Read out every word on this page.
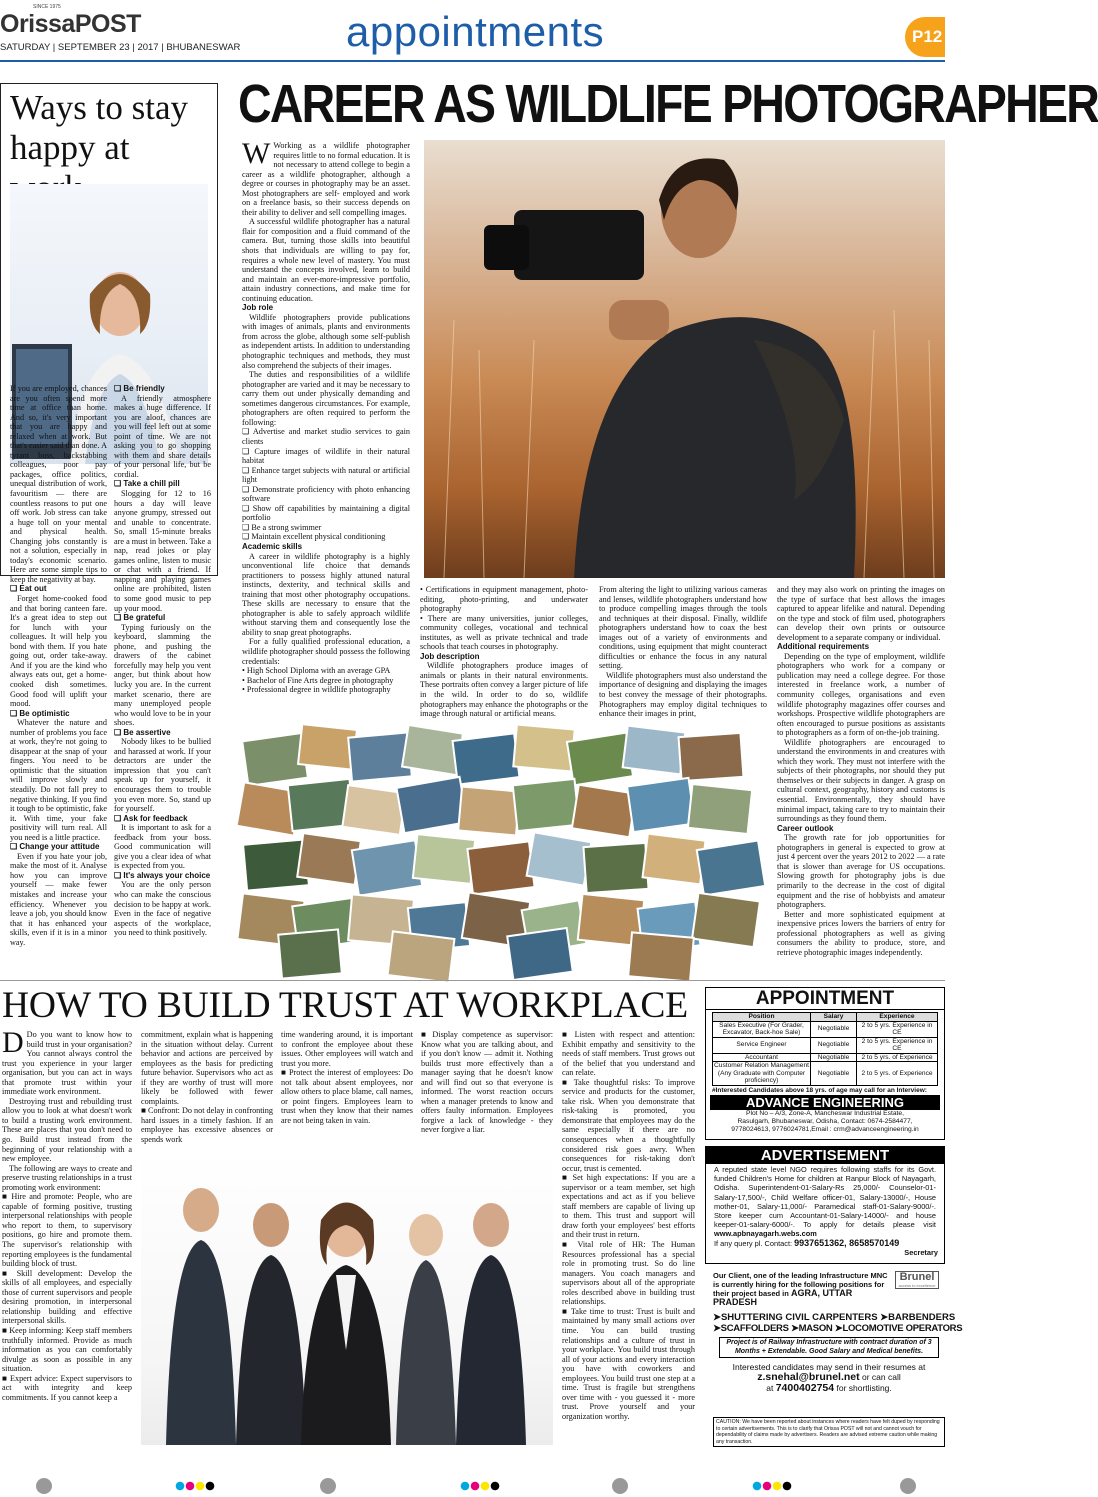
SINCE 1975
OrissaPOST
SATURDAY | SEPTEMBER 23 | 2017 | BHUBANESWAR	appointments	P12
Ways to stay happy at

If you are employed, chances are you often spend more time at office than home. And so, it's very important that you are happy and relaxed when at work. But that's easier said than done. A tyrant boss, backstabbing colleagues, poor pay packages, office politics, unequal distribution of work, favouritism — there are countless reasons to put one off work. Job stress can take a huge toll on your mental and physical health. Changing jobs constantly is not a solution, especially in today's economic scenario. Here are some simple tips to keep the negativity at bay.

❑ Eat out

Forget home-cooked food and that boring canteen fare. It's a great idea to step out for lunch with your colleagues. It will help you bond with them. If you hate going out, order take-away. And if you are the kind who always eats out, get a home-cooked dish sometimes. Good food will uplift your mood.

❑ Be optimistic

Whatever the nature and number of problems you face at work, they're not going to disappear at the snap of your fingers. You need to be optimistic that the situation will improve slowly and steadily. Do not fall prey to negative thinking. If you find it tough to be optimistic, fake it. With time, your fake positivity will turn real. All you need is a little practice.

❑ Change your attitude

Even if you hate your job, make the most of it. Analyse how you can improve yourself — make fewer mistakes and increase your efficiency. Whenever you leave a job, you should know that it has enhanced your skills, even if it is in a minor way.

❑ Be friendly

A friendly atmosphere makes a huge difference. If you are aloof, chances are you will feel left out at some point of time. We are not asking you to go shopping with them and share details of your personal life, but be cordial.

❑ Take a chill pill

Slogging for 12 to 16 hours a day will leave anyone grumpy, stressed out and unable to concentrate. So, small 15-minute breaks are a must in between. Take a nap, read jokes or play games online, listen to music or chat with a friend. If napping and playing games online are prohibited, listen to some good music to pep up your mood.

❑ Be grateful

Typing furiously on the keyboard, slamming the phone, and pushing the drawers of the cabinet forcefully may help you vent anger, but think about how lucky you are. In the current market scenario, there are many unemployed people who would love to be in your shoes.

❑ Be assertive

Nobody likes to be bullied and harassed at work. If your detractors are under the impression that you can't speak up for yourself, it encourages them to trouble you even more. So, stand up for yourself.

❑ Ask for feedback

It is important to ask for a feedback from your boss. Good communication will give you a clear idea of what is expected from you.

❑ It's always your choice

You are the only person who can make the conscious decision to be happy at work. Even in the face of negative aspects of the workplace, you need to think positively.

CAREER AS WILDLIFE PHOTOGRAPHER

W Working as a wildlife photographer requires little to no formal education. It is not necessary to attend college to begin a career as a wildlife photographer, although a degree or courses in photography may be an asset. Most photographers are self- employed and work on a freelance basis, so their success depends on their ability to deliver and sell compelling images.

A successful wildlife photographer has a natural flair for composition and a fluid command of the camera. But, turning those skills into beautiful shots that individuals are willing to pay for, requires a whole new level of mastery. You must understand the concepts involved, learn to build and maintain an ever-more-impressive portfolio, attain industry connections, and make time for continuing education.

Job role

Wildlife photographers provide publications with images of animals, plants and environments from across the globe, although some self-publish as independent artists. In addition to understanding photographic techniques and methods, they must also comprehend the subjects of their images.

The duties and responsibilities of a wildlife photographer are varied and it may be necessary to carry them out under physically demanding and sometimes dangerous circumstances. For example, photographers are often required to perform the following:

❑ Advertise and market studio services to gain clients

❑ Capture images of wildlife in their natural habitat

❑ Enhance target subjects with natural or artificial light

❑ Demonstrate proficiency with photo enhancing software

❑ Show off capabilities by maintaining a digital portfolio

❑ Be a strong swimmer

❑ Maintain excellent physical conditioning

Academic skills

A career in wildlife photography is a highly unconventional life choice that demands practitioners to possess highly attuned natural instincts, dexterity, and technical skills and training that most other photography occupations. These skills are necessary to ensure that the photographer is able to safely approach wildlife without starving them and consequently lose the ability to snap great photographs.

For a fully qualified professional education, a wildlife photographer should possess the following credentials:

• High School Diploma with an average GPA

• Bachelor of Fine Arts degree in photography

• Professional degree in wildlife photography

• Certifications in equipment management, photo-editing, photo-printing, and underwater photography

• There are many universities, junior colleges, community colleges, vocational and technical institutes, as well as private technical and trade schools that teach courses in photography.

Job description

Wildlife photographers produce images of animals or plants in their natural environments. These portraits often convey a larger picture of life in the wild. In order to do so, wildlife photographers may enhance the photographs or the image through natural or artificial means.

From altering the light to utilizing various cameras and lenses, wildlife photographers understand how to produce compelling images through the tools and techniques at their disposal. Finally, wildlife photographers understand how to coax the best images out of a variety of environments and conditions, using equipment that might counteract difficulties or enhance the focus in any natural setting.

Wildlife photographers must also understand the importance of designing and displaying the images to best convey the message of their photographs. Photographers may employ digital techniques to enhance their images in print,

and they may also work on printing the images on the type of surface that best allows the images captured to appear lifelike and natural. Depending on the type and stock of film used, photographers can develop their own prints or outsource development to a separate company or individual.

Additional requirements

Depending on the type of employment, wildlife photographers who work for a company or publication may need a college degree. For those interested in freelance work, a number of community colleges, organisations and even wildlife photography magazines offer courses and workshops. Prospective wildlife photographers are often encouraged to pursue positions as assistants to photographers as a form of on-the-job training.

Wildlife photographers are encouraged to understand the environments in and creatures with which they work. They must not interfere with the subjects of their photographs, nor should they put themselves or their subjects in danger. A grasp on cultural context, geography, history and customs is essential. Environmentally, they should have minimal impact, taking care to try to maintain their surroundings as they found them.

Career outlook

The growth rate for job opportunities for photographers in general is expected to grow at just 4 percent over the years 2012 to 2022 — a rate that is slower than average for US occupations. Slowing growth for photography jobs is due primarily to the decrease in the cost of digital equipment and the rise of hobbyists and amateur photographers.

Better and more sophisticated equipment at inexpensive prices lowers the barriers of entry for professional photographers as well as giving consumers the ability to produce, store, and retrieve photographic images independently.

HOW TO BUILD TRUST AT WORKPLACE

D Do you want to know how to build trust in your organisation? You cannot always control the trust you experience in your larger organisation, but you can act in ways that promote trust within your immediate work environment.

Destroying trust and rebuilding trust allow you to look at what doesn't work to build a trusting work environment. These are places that you don't need to go. Build trust instead from the beginning of your relationship with a new employee.

The following are ways to create and preserve trusting relationships in a trust promoting work environment:

■ Hire and promote: People, who are capable of forming positive, trusting interpersonal relationships with people who report to them, to supervisory positions, go hire and promote them. The supervisor's relationship with reporting employees is the fundamental building block of trust.

■ Skill development: Develop the skills of all employees, and especially those of current supervisors and people desiring promotion, in interpersonal relationship building and effective interpersonal skills.

■ Keep informing: Keep staff members truthfully informed. Provide as much information as you can comfortably divulge as soon as possible in any situation.

■ Expert advice: Expect supervisors to act with integrity and keep commitments. If you cannot keep a

commitment, explain what is happening in the situation without delay. Current behavior and actions are perceived by employees as the basis for predicting future behavior. Supervisors who act as if they are worthy of trust will more likely be followed with fewer complaints.

■ Confront: Do not delay in confronting hard issues in a timely fashion. If an employee has excessive absences or spends work

time wandering around, it is important to confront the employee about these issues. Other employees will watch and trust you more.

■ Protect the interest of employees: Do not talk about absent employees, nor allow others to place blame, call names, or point fingers. Employees learn to trust when they know that their names are not being taken in vain.

■ Display competence as supervisor: Know what you are talking about, and if you don't know — admit it. Nothing builds trust more effectively than a manager saying that he doesn't know and will find out so that everyone is informed. The worst reaction occurs when a manager pretends to know and offers faulty information. Employees forgive a lack of knowledge - they never forgive a liar.

■ Listen with respect and attention: Exhibit empathy and sensitivity to the needs of staff members. Trust grows out of the belief that you understand and can relate.

■ Take thoughtful risks: To improve service and products for the customer, take risk. When you demonstrate that risk-taking is promoted, you demonstrate that employees may do the same especially if there are no consequences when a thoughtfully considered risk goes awry. When consequences for risk-taking don't occur, trust is cemented.

■ Set high expectations: If you are a supervisor or a team member, set high expectations and act as if you believe staff members are capable of living up to them. This trust and support will draw forth your employees' best efforts and their trust in return.

■ Vital role of HR: The Human Resources professional has a special role in promoting trust. So do line managers. You coach managers and supervisors about all of the appropriate roles described above in building trust relationships.

■ Take time to trust: Trust is built and maintained by many small actions over time. You can build trusting relationships and a culture of trust in your workplace. You build trust through all of your actions and every interaction you have with coworkers and employees. You build trust one step at a time. Trust is fragile but strengthens over time with - you guessed it - more trust. Prove yourself and your organization worthy.

APPOINTMENT
Position	Salary	Experience
Sales Executive (For Grader, Excavator, Back-hoe Sale)	Negotiable	2 to 5 yrs. Experience in CE
Service Engineer	Negotiable	2 to 5 yrs. Experience in CE
Accountant	Negotiable	2 to 5 yrs. of Experience
Customer Relation Management (Any Graduate with Computer proficiency)	Negotiable	2 to 5 yrs. of Experience
#Interested Candidates above 18 yrs. of age may call for an Interview:
ADVANCE ENGINEERING
Plot No – A/3, Zone-A, Mancheswar Industrial Estate,
Rasulgarh, Bhubaneswar, Odisha, Contact: 0674-2584477,
9778024613, 9776024781,Email : crm@advanceengineering.in
ADVERTISEMENT
A reputed state level NGO requires following staffs for its Govt. funded Children's Home for children at Ranpur Block of Nayagarh, Odisha. Superintendent-01-Salary-Rs 25,000/- Counselor-01-Salary-17,500/-, Child Welfare officer-01, Salary-13000/-, House mother-01, Salary-11,000/- Paramedical staff-01-Salary-9000/-. Store keeper cum Accountant-01-Salary-14000/- and house keeper-01-salary-6000/-. To apply for details please visit www.apbnayagarh.webs.com
If any query pl. Contact: 9937651362, 8658570149
Secretary
Brunel
access to excellence
Our Client, one of the leading Infrastructure MNC is currently hiring for the following positions for their project based in AGRA, UTTAR PRADESH
➤SHUTTERING CIVIL CARPENTERS ➤BARBENDERS
➤SCAFFOLDERS ➤MASON ➤LOCOMOTIVE OPERATORS
Project is of Railway Infrastructure with contract duration of 3 Months + Extendable. Good Salary and Medical benefits.
Interested candidates may send in their resumes at
z.snehal@brunel.net or can call
at 7400402754 for shortlisting.
CAUTION: We have been reported about instances where readers have felt duped by responding to certain advertisements. This is to clarify that Orissa POST will not and cannot vouch for dependability of claims made by advertisers. Readers are advised extreme caution while making any transaction.
